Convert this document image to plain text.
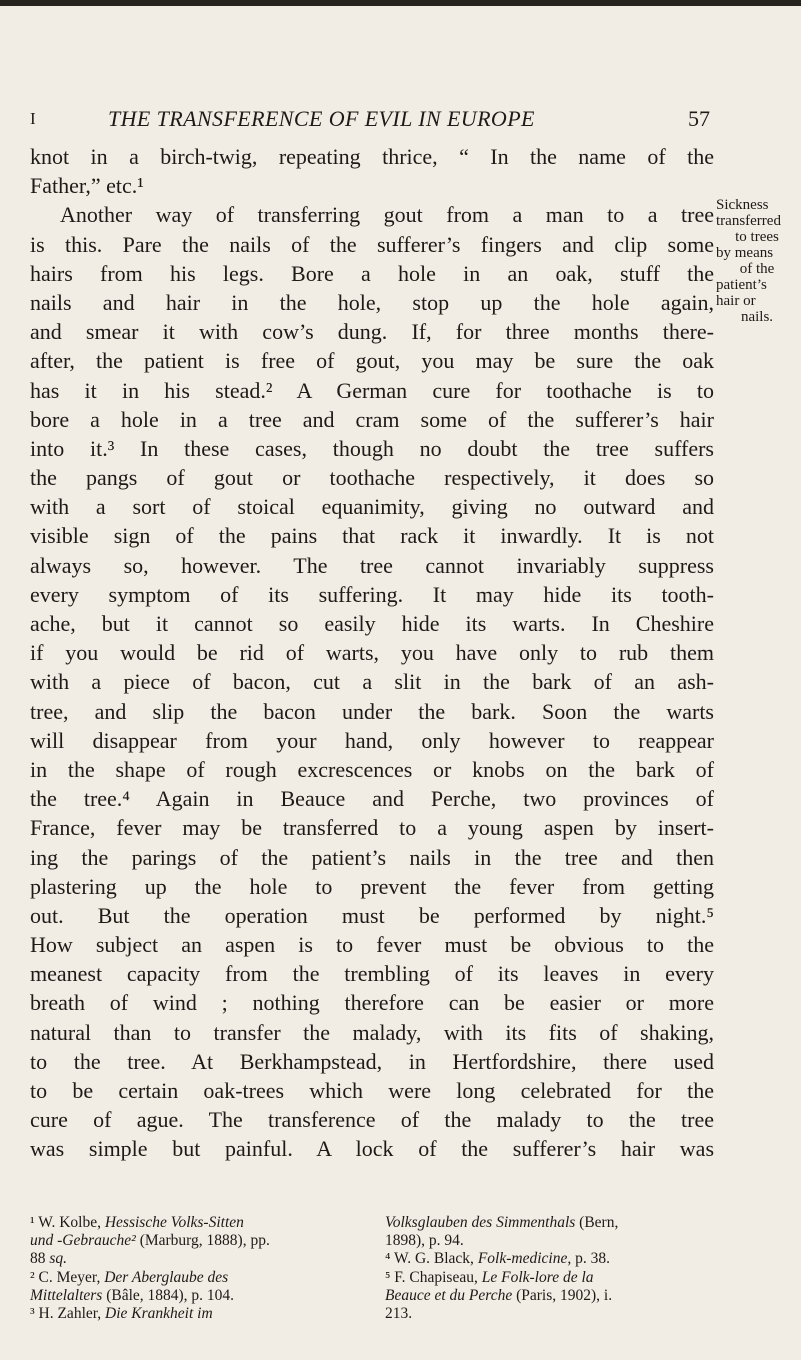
I	THE TRANSFERENCE OF EVIL IN EUROPE	57
knot in a birch-twig, repeating thrice, “ In the name of the
Father,” etc.¹
Another way of transferring gout from a man to a tree
is this. Pare the nails of the sufferer’s fingers and clip some
hairs from his legs. Bore a hole in an oak, stuff the
nails and hair in the hole, stop up the hole again,
and smear it with cow’s dung. If, for three months there-
after, the patient is free of gout, you may be sure the oak
has it in his stead.² A German cure for toothache is to
bore a hole in a tree and cram some of the sufferer’s hair
into it.³ In these cases, though no doubt the tree suffers
the pangs of gout or toothache respectively, it does so
with a sort of stoical equanimity, giving no outward and
visible sign of the pains that rack it inwardly. It is not
always so, however. The tree cannot invariably suppress
every symptom of its suffering. It may hide its tooth-
ache, but it cannot so easily hide its warts. In Cheshire
if you would be rid of warts, you have only to rub them
with a piece of bacon, cut a slit in the bark of an ash-
tree, and slip the bacon under the bark. Soon the warts
will disappear from your hand, only however to reappear
in the shape of rough excrescences or knobs on the bark of
the tree.⁴ Again in Beauce and Perche, two provinces of
France, fever may be transferred to a young aspen by insert-
ing the parings of the patient’s nails in the tree and then
plastering up the hole to prevent the fever from getting
out. But the operation must be performed by night.⁵
How subject an aspen is to fever must be obvious to the
meanest capacity from the trembling of its leaves in every
breath of wind ; nothing therefore can be easier or more
natural than to transfer the malady, with its fits of shaking,
to the tree. At Berkhampstead, in Hertfordshire, there used
to be certain oak-trees which were long celebrated for the
cure of ague. The transference of the malady to the tree
was simple but painful. A lock of the sufferer’s hair was
Sickness
transferred
to trees
by means
of the
patient’s
hair or
nails.
¹ W. Kolbe, Hessische Volks-Sitten
und -Gebrauche² (Marburg, 1888), pp.
88 sq.
² C. Meyer, Der Aberglaube des
Mittelalters (Bâle, 1884), p. 104.
³ H. Zahler, Die Krankheit im
Volksglauben des Simmenthals (Bern,
1898), p. 94.
⁴ W. G. Black, Folk-medicine, p. 38.
⁵ F. Chapiseau, Le Folk-lore de la
Beauce et du Perche (Paris, 1902), i.
213.
